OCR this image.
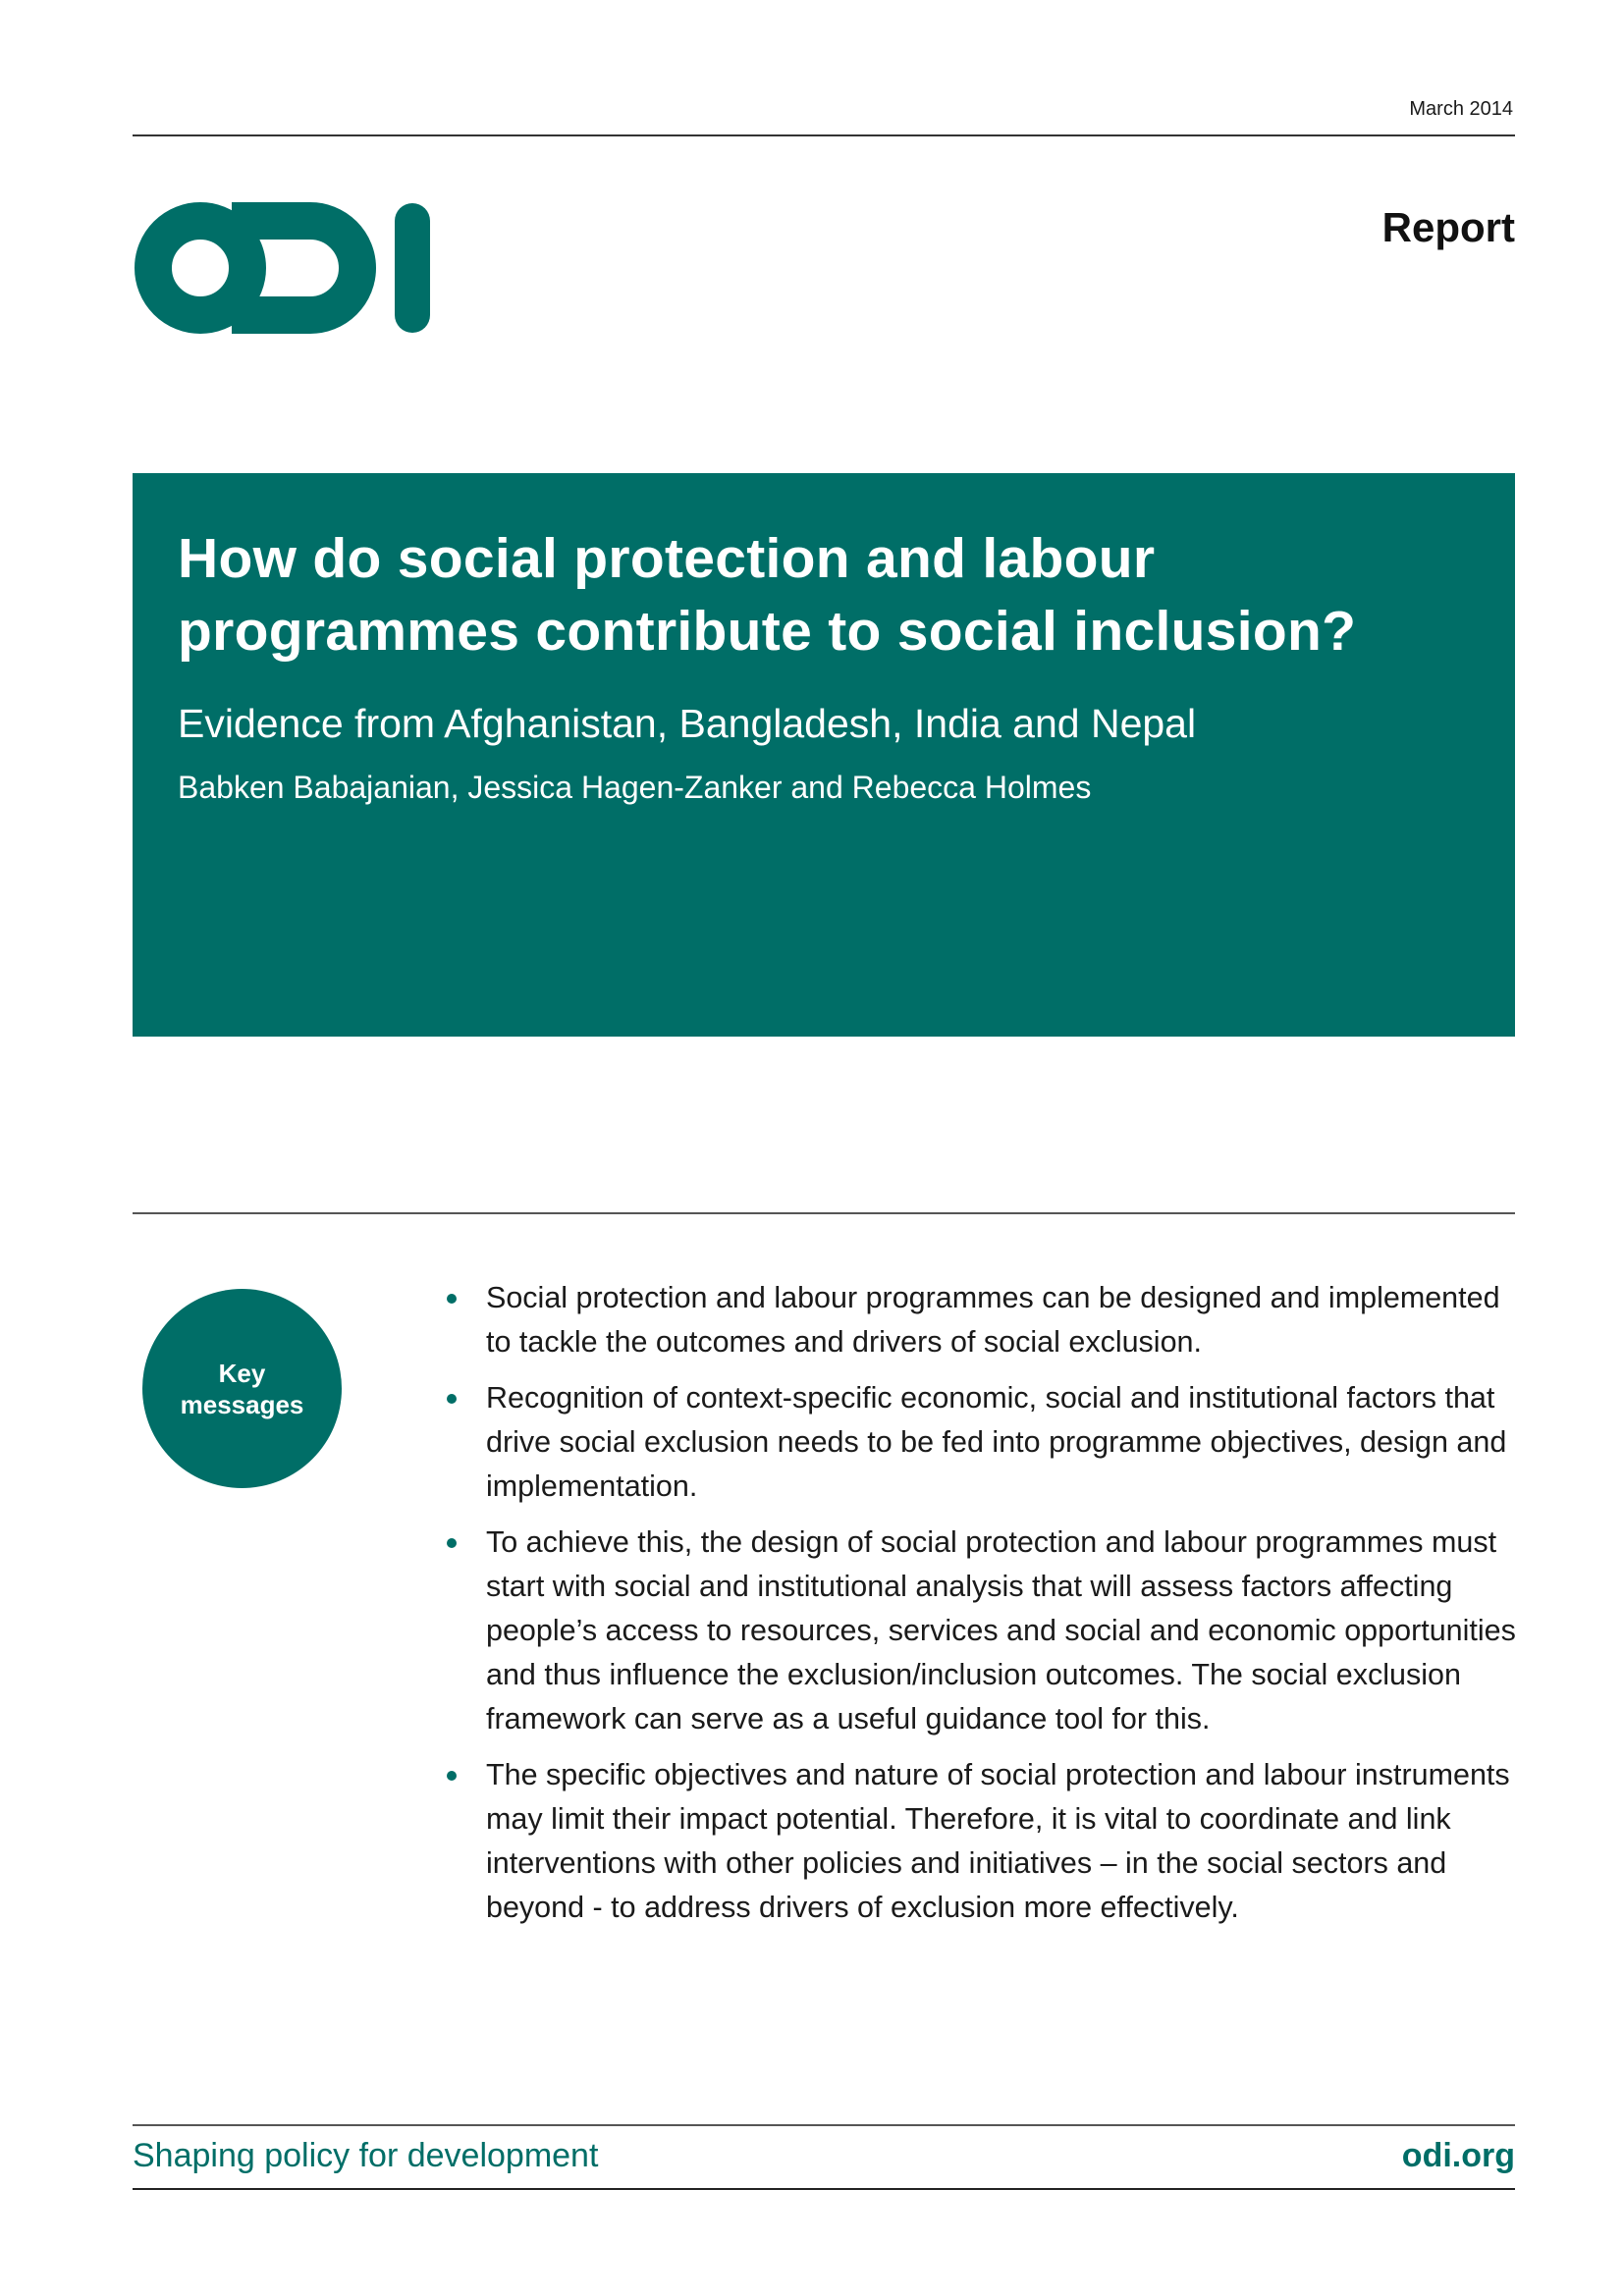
March 2014
Report
How do social protection and labour programmes contribute to social inclusion?
Evidence from Afghanistan, Bangladesh, India and Nepal
Babken Babajanian, Jessica Hagen-Zanker and Rebecca Holmes
Key
messages
Social protection and labour programmes can be designed and implemented to tackle the outcomes and drivers of social exclusion.
Recognition of context-specific economic, social and institutional factors that drive social exclusion needs to be fed into programme objectives, design and implementation.
To achieve this, the design of social protection and labour programmes must start with social and institutional analysis that will assess factors affecting people’s access to resources, services and social and economic opportunities and thus influence the exclusion/inclusion outcomes. The social exclusion framework can serve as a useful guidance tool for this.
The specific objectives and nature of social protection and labour instruments may limit their impact potential. Therefore, it is vital to coordinate and link interventions with other policies and initiatives – in the social sectors and beyond - to address drivers of exclusion more effectively.
Shaping policy for development	odi.org
